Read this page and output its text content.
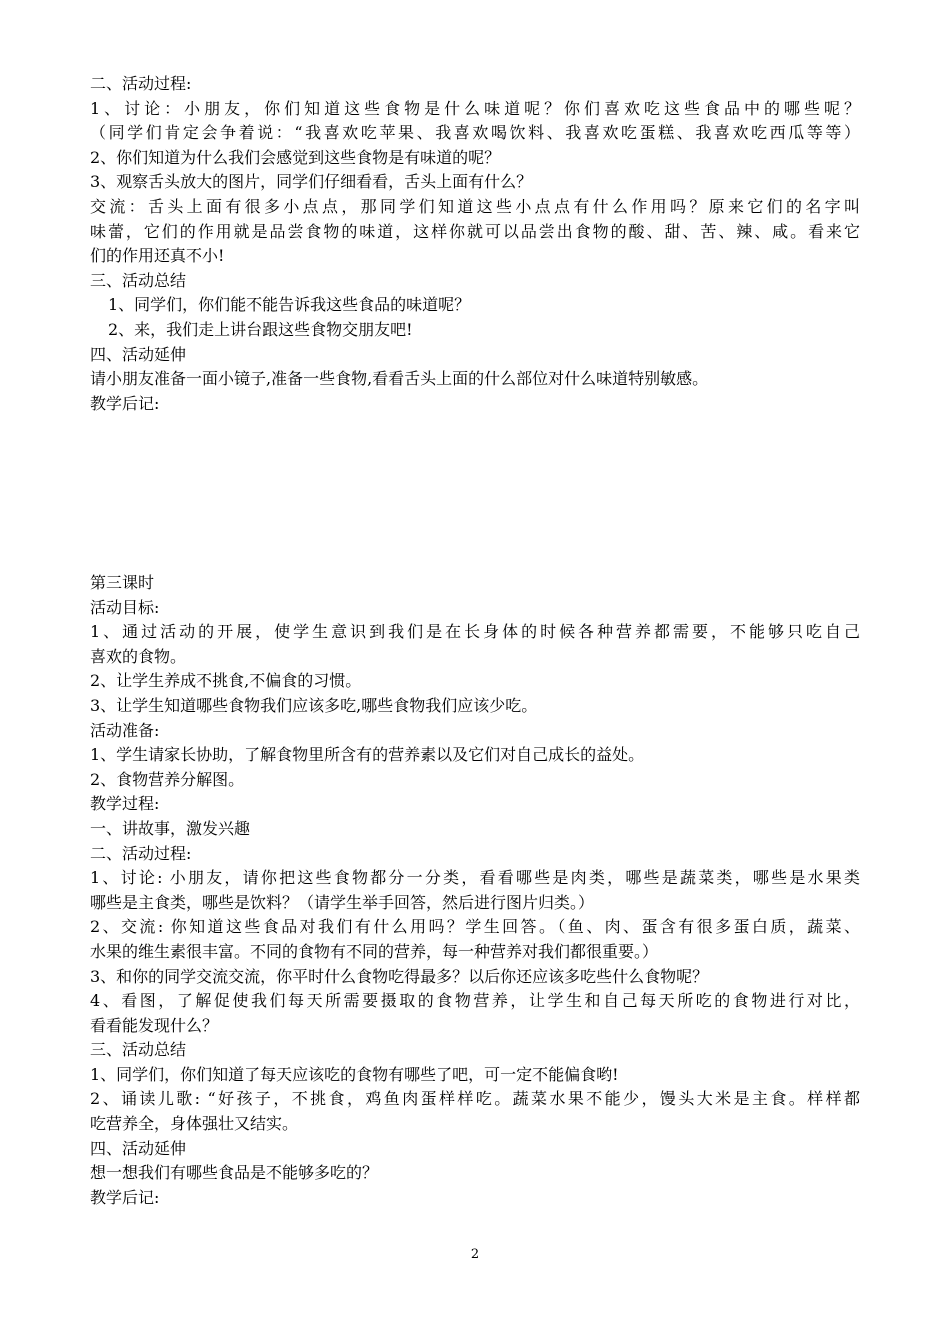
二、活动过程:
1、讨论：小朋友，你们知道这些食物是什么味道呢？你们喜欢吃这些食品中的哪些呢？
（同学们肯定会争着说：“我喜欢吃苹果、我喜欢喝饮料、我喜欢吃蛋糕、我喜欢吃西瓜等等）
2、你们知道为什么我们会感觉到这些食物是有味道的呢？
3、观察舌头放大的图片，同学们仔细看看，舌头上面有什么？
交流：舌头上面有很多小点点，那同学们知道这些小点点有什么作用吗？原来它们的名字叫
味蕾，它们的作用就是品尝食物的味道，这样你就可以品尝出食物的酸、甜、苦、辣、咸。看来它
们的作用还真不小!
三、活动总结
1、同学们，你们能不能告诉我这些食品的味道呢？
2、来，我们走上讲台跟这些食物交朋友吧!
四、活动延伸
请小朋友准备一面小镜子,准备一些食物,看看舌头上面的什么部位对什么味道特别敏感。
教学后记:
第三课时
活动目标:
1、通过活动的开展，使学生意识到我们是在长身体的时候各种营养都需要，不能够只吃自己
喜欢的食物。
2、让学生养成不挑食,不偏食的习惯。
3、让学生知道哪些食物我们应该多吃,哪些食物我们应该少吃。
活动准备:
1、学生请家长协助，了解食物里所含有的营养素以及它们对自己成长的益处。
2、食物营养分解图。
教学过程:
一、讲故事，激发兴趣
二、活动过程:
1、讨论: 小朋友，请你把这些食物都分一分类，看看哪些是肉类，哪些是蔬菜类，哪些是水果类
哪些是主食类，哪些是饮料？（请学生举手回答，然后进行图片归类。）
2、交流: 你知道这些食品对我们有什么用吗？学生回答。（鱼、肉、蛋含有很多蛋白质，蔬菜、
水果的维生素很丰富。不同的食物有不同的营养，每一种营养对我们都很重要。）
3、和你的同学交流交流，你平时什么食物吃得最多？以后你还应该多吃些什么食物呢？
4、看图，了解促使我们每天所需要摄取的食物营养，让学生和自己每天所吃的食物进行对比，
看看能发现什么？
三、活动总结
1、同学们，你们知道了每天应该吃的食物有哪些了吧，可一定不能偏食哟!
2、诵读儿歌: “好孩子，不挑食，鸡鱼肉蛋样样吃。蔬菜水果不能少，馒头大米是主食。样样都
吃营养全，身体强壮又结实。
四、活动延伸
想一想我们有哪些食品是不能够多吃的？
教学后记:
2
